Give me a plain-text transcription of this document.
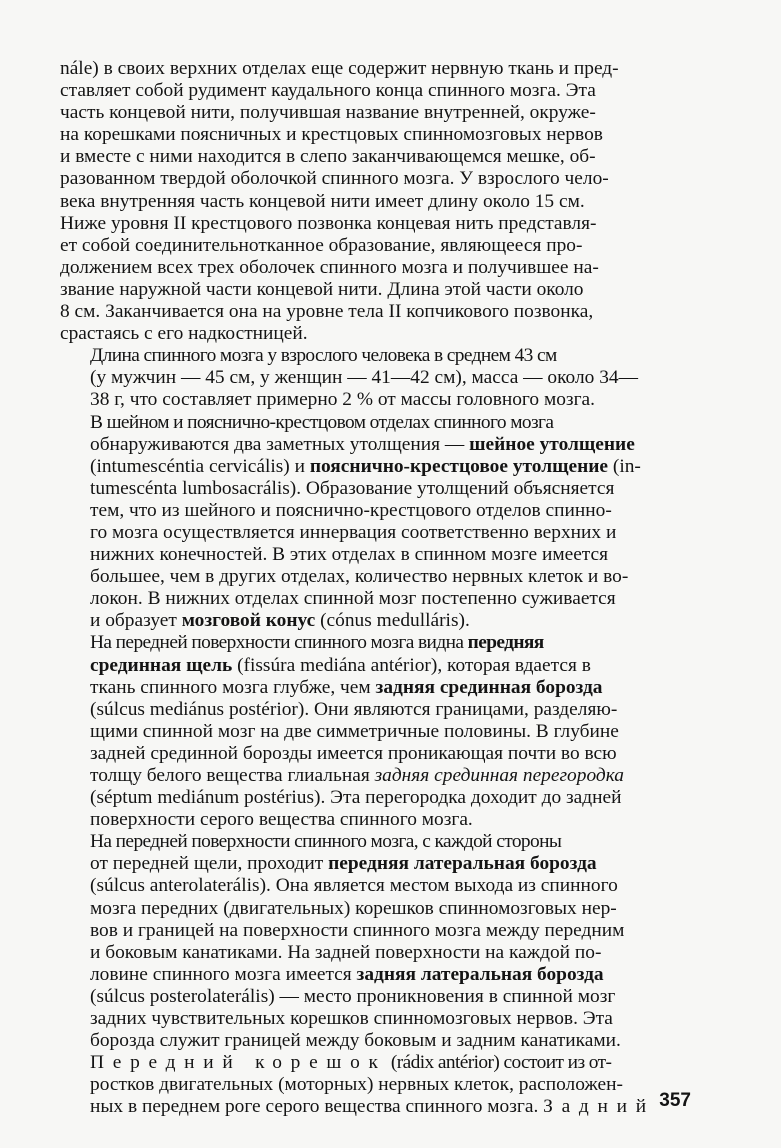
nále) в своих верхних отделах еще содержит нервную ткань и пред-
ставляет собой рудимент каудального конца спинного мозга. Эта
часть концевой нити, получившая название внутренней, окруже-
на корешками поясничных и крестцовых спинномозговых нервов
и вместе с ними находится в слепо заканчивающемся мешке, об-
разованном твердой оболочкой спинного мозга. У взрослого чело-
века внутренняя часть концевой нити имеет длину около 15 см.
Ниже уровня II крестцового позвонка концевая нить представля-
ет собой соединительнотканное образование, являющееся про-
должением всех трех оболочек спинного мозга и получившее на-
звание наружной части концевой нити. Длина этой части около
8 см. Заканчивается она на уровне тела II копчикового позвонка,
срастаясь с его надкостницей.

Длина спинного мозга у взрослого человека в среднем 43 см
(у мужчин — 45 см, у женщин — 41—42 см), масса — около 34—
38 г, что составляет примерно 2 % от массы головного мозга.

В шейном и пояснично-крестцовом отделах спинного мозга
обнаруживаются два заметных утолщения — шейное утолщение
(intumescéntia cervicális) и пояснично-крестцовое утолщение (in-
tumescénta lumbosacrális). Образование утолщений объясняется
тем, что из шейного и пояснично-крестцового отделов спинно-
го мозга осуществляется иннервация соответственно верхних и
нижних конечностей. В этих отделах в спинном мозге имеется
большее, чем в других отделах, количество нервных клеток и во-
локон. В нижних отделах спинной мозг постепенно суживается
и образует мозговой конус (cónus medulláris).

На передней поверхности спинного мозга видна передняя
срединная щель (fissúra mediána antérior), которая вдается в
ткань спинного мозга глубже, чем задняя срединная борозда
(súlcus mediánus postérior). Они являются границами, разделяю-
щими спинной мозг на две симметричные половины. В глубине
задней срединной борозды имеется проникающая почти во всю
толщу белого вещества глиальная задняя срединная перегородка
(séptum mediánum postérius). Эта перегородка доходит до задней
поверхности серого вещества спинного мозга.

На передней поверхности спинного мозга, с каждой стороны
от передней щели, проходит передняя латеральная борозда
(súlcus anterolaterális). Она является местом выхода из спинного
мозга передних (двигательных) корешков спинномозговых нер-
вов и границей на поверхности спинного мозга между передним
и боковым канатиками. На задней поверхности на каждой по-
ловине спинного мозга имеется задняя латеральная борозда
(súlcus posterolaterális) — место проникновения в спинной мозг
задних чувствительных корешков спинномозговых нервов. Эта
борозда служит границей между боковым и задним канатиками.

Передний корешок (rádix antérior) состоит из от-
ростков двигательных (моторных) нервных клеток, расположен-
ных в переднем роге серого вещества спинного мозга. Задний 357
